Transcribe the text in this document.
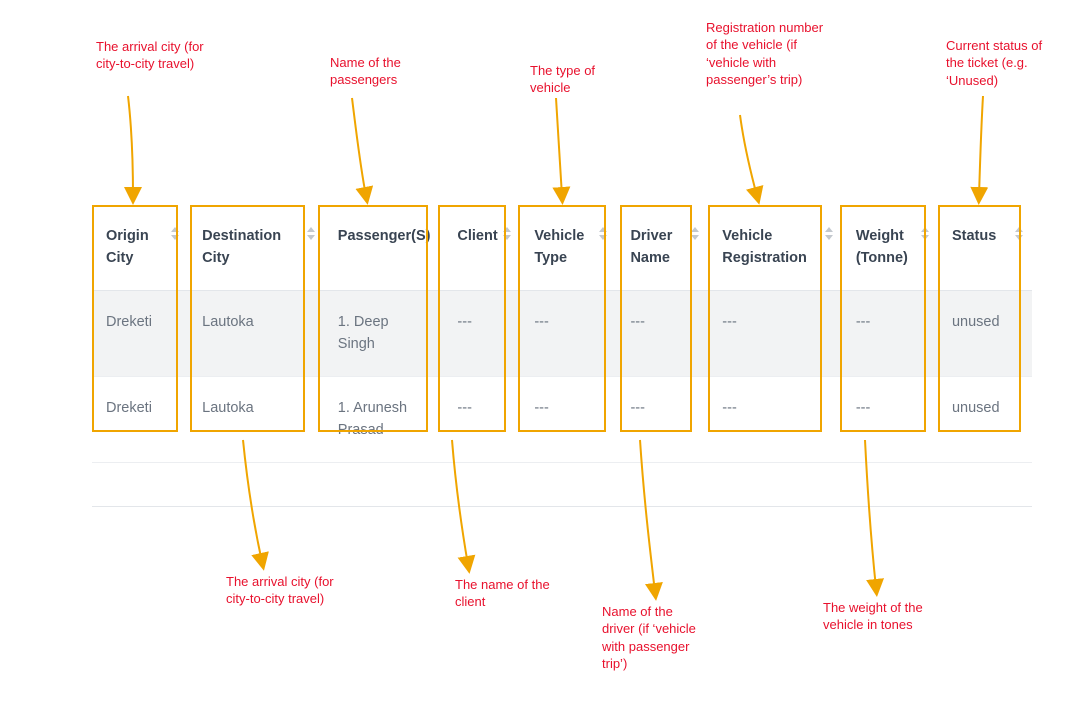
Origin City	Destination City	Passenger(S)	Client	Vehicle Type	Driver Name	Vehicle Registration	Weight (Tonne)	Status

Dreketi	Lautoka	1. Deep Singh	---	---	---	---	---	unused
Dreketi	Lautoka	1. Arunesh Prasad	---	---	---	---	---	unused
The arrival city (for city-to-city travel)	Name of the passengers
The type of vehicle
Registration number of the vehicle (if ‘vehicle with passenger’s trip)
Current status of the ticket (e.g. ‘Unused)
The arrival city (for city-to-city travel)
The name of the client
Name of the driver (if ‘vehicle with passenger trip’)
The weight of the vehicle in tones
